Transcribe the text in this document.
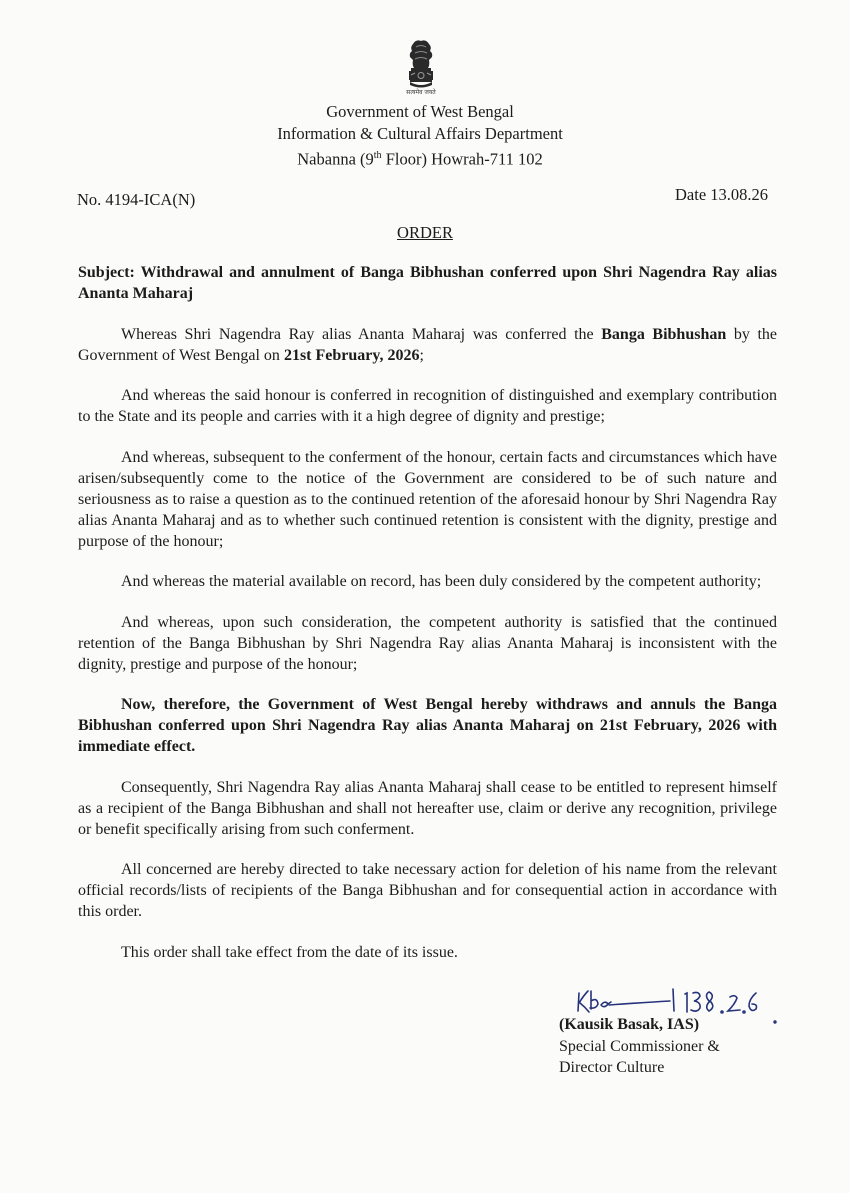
सत्यमेव जयते
Government of West Bengal
Information & Cultural Affairs Department
Nabanna (9th Floor) Howrah-711 102
No. 4194-ICA(N)	Date 13.08.26
ORDER

Subject: Withdrawal and annulment of Banga Bibhushan conferred upon Shri Nagendra Ray alias Ananta Maharaj

Whereas Shri Nagendra Ray alias Ananta Maharaj was conferred the Banga Bibhushan by the Government of West Bengal on 21st February, 2026;

And whereas the said honour is conferred in recognition of distinguished and exemplary contribution to the State and its people and carries with it a high degree of dignity and prestige;

And whereas, subsequent to the conferment of the honour, certain facts and circumstances which have arisen/subsequently come to the notice of the Government are considered to be of such nature and seriousness as to raise a question as to the continued retention of the aforesaid honour by Shri Nagendra Ray alias Ananta Maharaj and as to whether such continued retention is consistent with the dignity, prestige and purpose of the honour;

And whereas the material available on record, has been duly considered by the competent authority;

And whereas, upon such consideration, the competent authority is satisfied that the continued retention of the Banga Bibhushan by Shri Nagendra Ray alias Ananta Maharaj is inconsistent with the dignity, prestige and purpose of the honour;

Now, therefore, the Government of West Bengal hereby withdraws and annuls the Banga Bibhushan conferred upon Shri Nagendra Ray alias Ananta Maharaj on 21st February, 2026 with immediate effect.

Consequently, Shri Nagendra Ray alias Ananta Maharaj shall cease to be entitled to represent himself as a recipient of the Banga Bibhushan and shall not hereafter use, claim or derive any recognition, privilege or benefit specifically arising from such conferment.

All concerned are hereby directed to take necessary action for deletion of his name from the relevant official records/lists of recipients of the Banga Bibhushan and for consequential action in accordance with this order.

This order shall take effect from the date of its issue.

(Kausik Basak, IAS)
Special Commissioner &
Director Culture
